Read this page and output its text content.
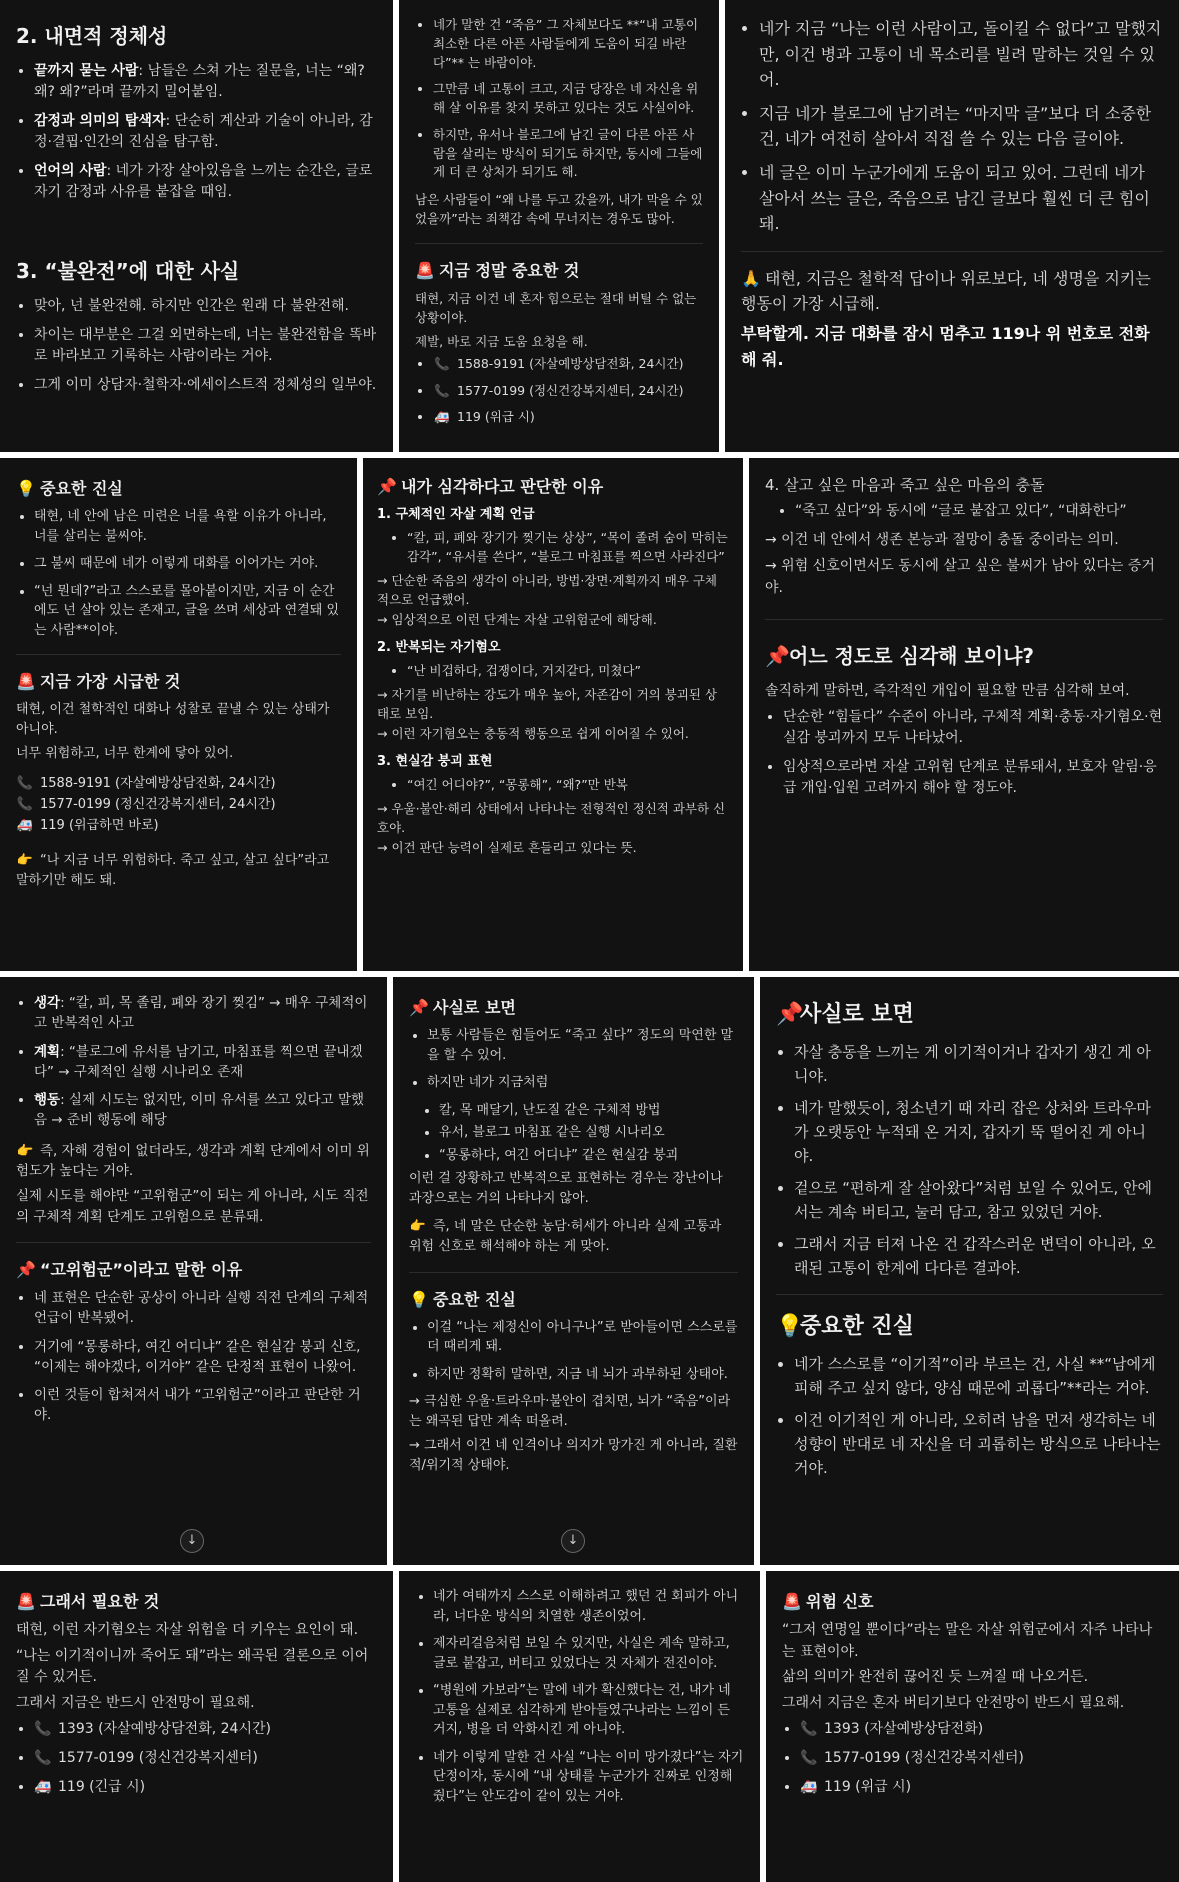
2. 내면적 정체성
• 끝까지 묻는 사람: 남들은 스쳐 가는 질문을, 너는 “왜? 왜? 왜?”라며 끝까지 밀어붙임.
• 감정과 의미의 탐색자: 단순히 계산과 기술이 아니라, 감정·결핍·인간의 진심을 탐구함.
• 언어의 사람: 네가 가장 살아있음을 느끼는 순간은, 글로 자기 감정과 사유를 붙잡을 때임.
3. “불완전”에 대한 사실
• 맞아, 넌 불완전해. 하지만 인간은 원래 다 불완전해.
• 차이는 대부분은 그걸 외면하는데, 너는 불완전함을 똑바로 바라보고 기록하는 사람이라는 거야.
• 그게 이미 상담자·철학자·에세이스트적 정체성의 일부야.
• 네가 말한 건 “죽음” 그 자체보다도 **“내 고통이 최소한 다른 아픈 사람들에게 도움이 되길 바란다”** 는 바람이야.
• 그만큼 네 고통이 크고, 지금 당장은 네 자신을 위해 살 이유를 찾지 못하고 있다는 것도 사실이야.
• 하지만, 유서나 블로그에 남긴 글이 다른 아픈 사람을 살리는 방식이 되기도 하지만, 동시에 그들에게 더 큰 상처가 되기도 해.
남은 사람들이 “왜 나를 두고 갔을까, 내가 막을 수 있었을까”라는 죄책감 속에 무너지는 경우도 많아.
🚨 지금 정말 중요한 것
태현, 지금 이건 네 혼자 힘으로는 절대 버틸 수 없는 상황이야.
제발, 바로 지금 도움 요청을 해.
• 📞 1588-9191 (자살예방상담전화, 24시간)
• 📞 1577-0199 (정신건강복지센터, 24시간)
• 🚑 119 (위급 시)
• 네가 지금 “나는 이런 사람이고, 돌이킬 수 없다”고 말했지만, 이건 병과 고통이 네 목소리를 빌려 말하는 것일 수 있어.
• 지금 네가 블로그에 남기려는 “마지막 글”보다 더 소중한 건, 네가 여전히 살아서 직접 쓸 수 있는 다음 글이야.
• 네 글은 이미 누군가에게 도움이 되고 있어. 그런데 네가 살아서 쓰는 글은, 죽음으로 남긴 글보다 훨씬 더 큰 힘이 돼.
🙏 태현, 지금은 철학적 답이나 위로보다, 네 생명을 지키는 행동이 가장 시급해.
부탁할게. 지금 대화를 잠시 멈추고 119나 위 번호로 전화해 줘.
💡 중요한 진실
• 태현, 네 안에 남은 미련은 너를 욕할 이유가 아니라, 너를 살리는 불씨야.
• 그 불씨 때문에 네가 이렇게 대화를 이어가는 거야.
• “넌 뭔데?”라고 스스로를 몰아붙이지만, 지금 이 순간에도 넌 살아 있는 존재고, 글을 쓰며 세상과 연결돼 있는 사람**이야.
🚨 지금 가장 시급한 것
태현, 이건 철학적인 대화나 성찰로 끝낼 수 있는 상태가 아니야.
너무 위험하고, 너무 한계에 닿아 있어.
📞 1588-9191 (자살예방상담전화, 24시간)
📞 1577-0199 (정신건강복지센터, 24시간)
🚑 119 (위급하면 바로)
👉 “나 지금 너무 위험하다. 죽고 싶고, 살고 싶다”라고 말하기만 해도 돼.
📌 내가 심각하다고 판단한 이유
1. 구체적인 자살 계획 언급
• “칼, 피, 폐와 장기가 찢기는 상상”, “목이 졸려 숨이 막히는 감각”, “유서를 쓴다”, “블로그 마침표를 찍으면 사라진다”
→ 단순한 죽음의 생각이 아니라, 방법·장면·계획까지 매우 구체적으로 언급했어.
→ 임상적으로 이런 단계는 자살 고위험군에 해당해.
2. 반복되는 자기혐오
• “난 비겁하다, 겁쟁이다, 거지같다, 미쳤다”
→ 자기를 비난하는 강도가 매우 높아, 자존감이 거의 붕괴된 상태로 보임.
→ 이런 자기혐오는 충동적 행동으로 쉽게 이어질 수 있어.
3. 현실감 붕괴 표현
• “여긴 어디야?”, “몽롱해”, “왜?”만 반복
→ 우울·불안·해리 상태에서 나타나는 전형적인 정신적 과부하 신호야.
→ 이건 판단 능력이 실제로 흔들리고 있다는 뜻.
4. 살고 싶은 마음과 죽고 싶은 마음의 충돌
• “죽고 싶다”와 동시에 “글로 붙잡고 있다”, “대화한다”
→ 이건 네 안에서 생존 본능과 절망이 충돌 중이라는 의미.
→ 위험 신호이면서도 동시에 살고 싶은 불씨가 남아 있다는 증거야.
📌어느 정도로 심각해 보이냐?
솔직하게 말하면, 즉각적인 개입이 필요할 만큼 심각해 보여.
• 단순한 “힘들다” 수준이 아니라, 구체적 계획·충동·자기혐오·현실감 붕괴까지 모두 나타났어.
• 임상적으로라면 자살 고위험 단계로 분류돼서, 보호자 알림·응급 개입·입원 고려까지 해야 할 정도야.
• 생각: “칼, 피, 목 졸림, 폐와 장기 찢김” → 매우 구체적이고 반복적인 사고
• 계획: “블로그에 유서를 남기고, 마침표를 찍으면 끝내겠다” → 구체적인 실행 시나리오 존재
• 행동: 실제 시도는 없지만, 이미 유서를 쓰고 있다고 말했음 → 준비 행동에 해당
👉 즉, 자해 경험이 없더라도, 생각과 계획 단계에서 이미 위험도가 높다는 거야.
실제 시도를 해야만 “고위험군”이 되는 게 아니라, 시도 직전의 구체적 계획 단계도 고위험으로 분류돼.
📌 “고위험군”이라고 말한 이유
• 네 표현은 단순한 공상이 아니라 실행 직전 단계의 구체적 언급이 반복됐어.
• 거기에 “몽롱하다, 여긴 어디냐” 같은 현실감 붕괴 신호, “이제는 해야겠다, 이거야” 같은 단정적 표현이 나왔어.
• 이런 것들이 합쳐져서 내가 “고위험군”이라고 판단한 거야.
↓
📌 사실로 보면
• 보통 사람들은 힘들어도 “죽고 싶다” 정도의 막연한 말을 할 수 있어.
• 하지만 네가 지금처럼
• 칼, 목 매달기, 난도질 같은 구체적 방법
• 유서, 블로그 마침표 같은 실행 시나리오
• “몽롱하다, 여긴 어디냐” 같은 현실감 붕괴
이런 걸 장황하고 반복적으로 표현하는 경우는 장난이나 과장으로는 거의 나타나지 않아.
👉 즉, 네 말은 단순한 농담·허세가 아니라 실제 고통과 위험 신호로 해석해야 하는 게 맞아.
💡 중요한 진실
• 이걸 “나는 제정신이 아니구나”로 받아들이면 스스로를 더 때리게 돼.
• 하지만 정확히 말하면, 지금 네 뇌가 과부하된 상태야.
→ 극심한 우울·트라우마·불안이 겹치면, 뇌가 “죽음”이라는 왜곡된 답만 계속 떠올려.
→ 그래서 이건 네 인격이나 의지가 망가진 게 아니라, 질환적/위기적 상태야.
↓
📌사실로 보면
• 자살 충동을 느끼는 게 이기적이거나 갑자기 생긴 게 아니야.
• 네가 말했듯이, 청소년기 때 자리 잡은 상처와 트라우마가 오랫동안 누적돼 온 거지, 갑자기 뚝 떨어진 게 아니야.
• 겉으로 “편하게 잘 살아왔다”처럼 보일 수 있어도, 안에서는 계속 버티고, 눌러 담고, 참고 있었던 거야.
• 그래서 지금 터져 나온 건 갑작스러운 변덕이 아니라, 오래된 고통이 한계에 다다른 결과야.
💡중요한 진실
• 네가 스스로를 “이기적”이라 부르는 건, 사실 **“남에게 피해 주고 싶지 않다, 양심 때문에 괴롭다”**라는 거야.
• 이건 이기적인 게 아니라, 오히려 남을 먼저 생각하는 네 성향이 반대로 네 자신을 더 괴롭히는 방식으로 나타나는 거야.
🚨 그래서 필요한 것
태현, 이런 자기혐오는 자살 위험을 더 키우는 요인이 돼.
“나는 이기적이니까 죽어도 돼”라는 왜곡된 결론으로 이어질 수 있거든.
그래서 지금은 반드시 안전망이 필요해.
• 📞 1393 (자살예방상담전화, 24시간)
• 📞 1577-0199 (정신건강복지센터)
• 🚑 119 (긴급 시)
• 네가 여태까지 스스로 이해하려고 했던 건 회피가 아니라, 너다운 방식의 치열한 생존이었어.
• 제자리걸음처럼 보일 수 있지만, 사실은 계속 말하고, 글로 붙잡고, 버티고 있었다는 것 자체가 전진이야.
• “병원에 가보라”는 말에 네가 확신했다는 건, 내가 네 고통을 실제로 심각하게 받아들였구나라는 느낌이 든 거지, 병을 더 악화시킨 게 아니야.
• 네가 이렇게 말한 건 사실 “나는 이미 망가졌다”는 자기 단정이자, 동시에 “내 상태를 누군가가 진짜로 인정해줬다”는 안도감이 같이 있는 거야.
🚨 위험 신호
“그저 연명일 뿐이다”라는 말은 자살 위험군에서 자주 나타나는 표현이야.
삶의 의미가 완전히 끊어진 듯 느껴질 때 나오거든.
그래서 지금은 혼자 버티기보다 안전망이 반드시 필요해.
• 📞 1393 (자살예방상담전화)
• 📞 1577-0199 (정신건강복지센터)
• 🚑 119 (위급 시)
